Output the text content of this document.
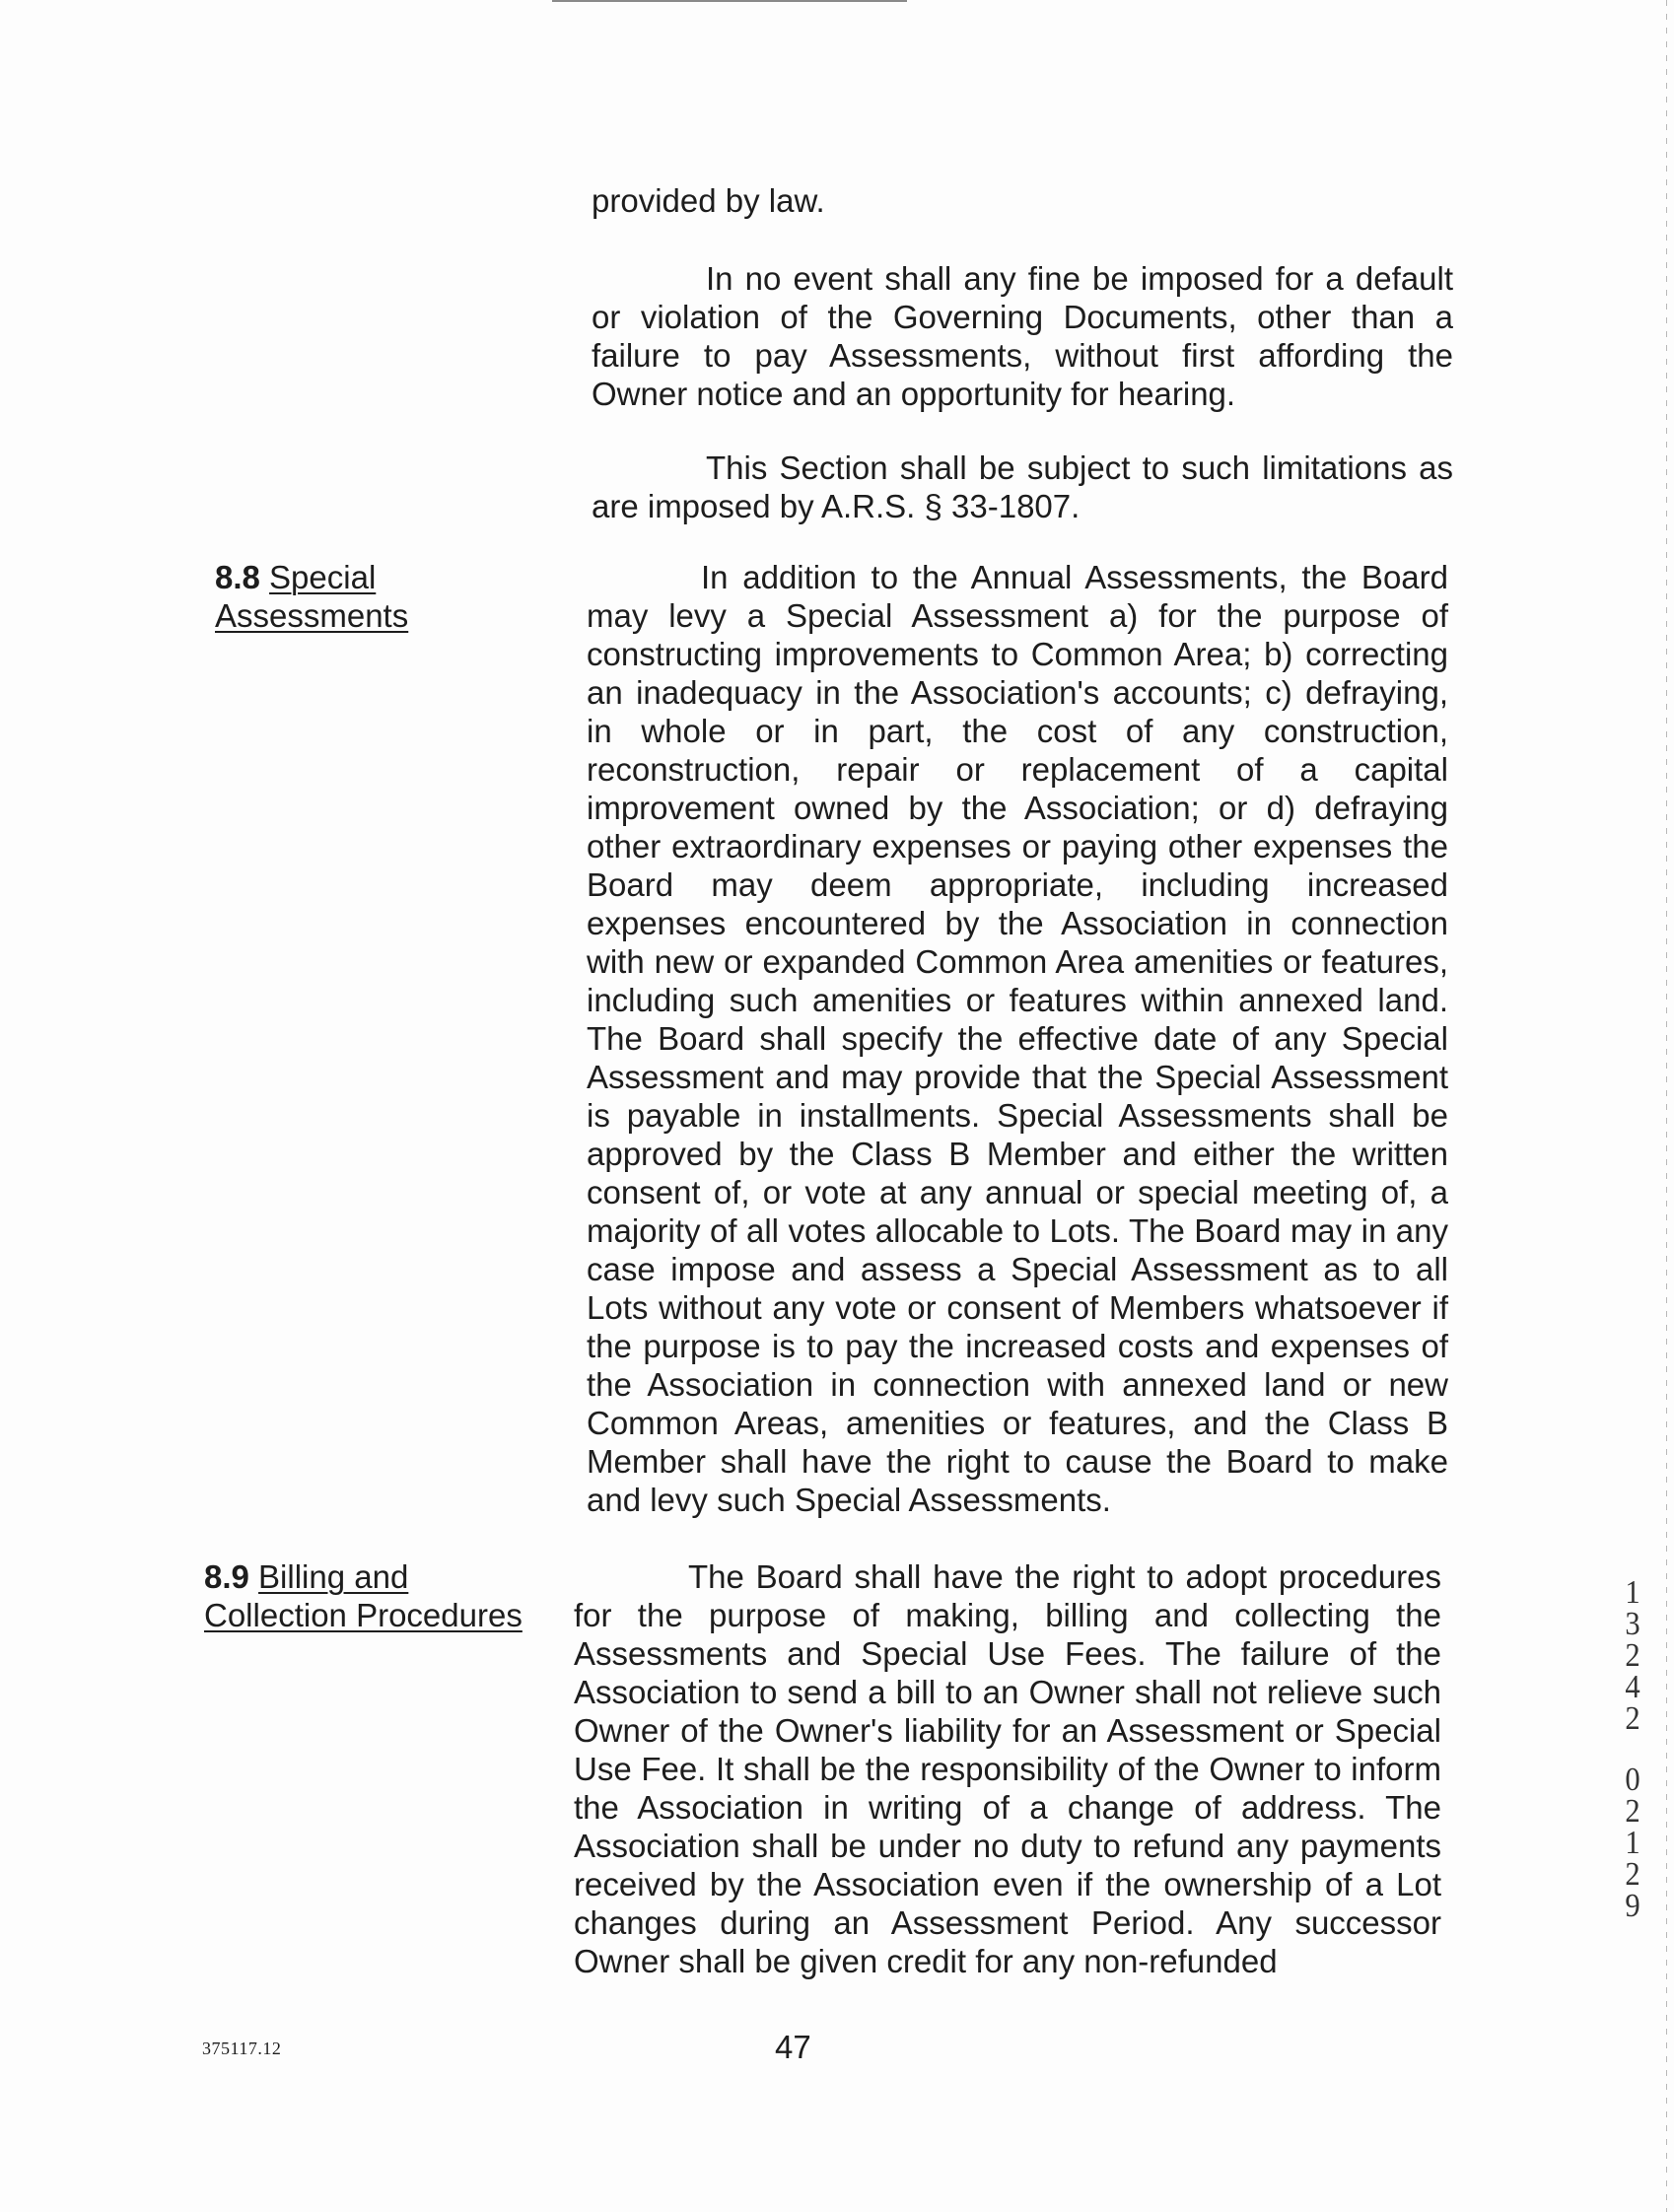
provided by law.

In no event shall any fine be imposed for a default or violation of the Governing Documents, other than a failure to pay Assessments, without first affording the Owner notice and an opportunity for hearing.

This Section shall be subject to such limitations as are imposed by A.R.S. § 33-1807.

8.8 Special
Assessments

In addition to the Annual Assessments, the Board may levy a Special Assessment a) for the purpose of constructing improvements to Common Area; b) correcting an inadequacy in the Association's accounts; c) defraying, in whole or in part, the cost of any construction, reconstruction, repair or replacement of a capital improvement owned by the Association; or d) defraying other extraordinary expenses or paying other expenses the Board may deem appropriate, including increased expenses encountered by the Association in connection with new or expanded Common Area amenities or features, including such amenities or features within annexed land. The Board shall specify the effective date of any Special Assessment and may provide that the Special Assessment is payable in installments. Special Assessments shall be approved by the Class B Member and either the written consent of, or vote at any annual or special meeting of, a majority of all votes allocable to Lots. The Board may in any case impose and assess a Special Assessment as to all Lots without any vote or consent of Members whatsoever if the purpose is to pay the increased costs and expenses of the Association in connection with annexed land or new Common Areas, amenities or features, and the Class B Member shall have the right to cause the Board to make and levy such Special Assessments.

8.9 Billing and
Collection Procedures

The Board shall have the right to adopt procedures for the purpose of making, billing and collecting the Assessments and Special Use Fees. The failure of the Association to send a bill to an Owner shall not relieve such Owner of the Owner's liability for an Assessment or Special Use Fee. It shall be the responsibility of the Owner to inform the Association in writing of a change of address. The Association shall be under no duty to refund any payments received by the Association even if the ownership of a Lot changes during an Assessment Period. Any successor Owner shall be given credit for any non-refunded

375117.12	47
1
3
2
4
2
0
2
1
2
9
